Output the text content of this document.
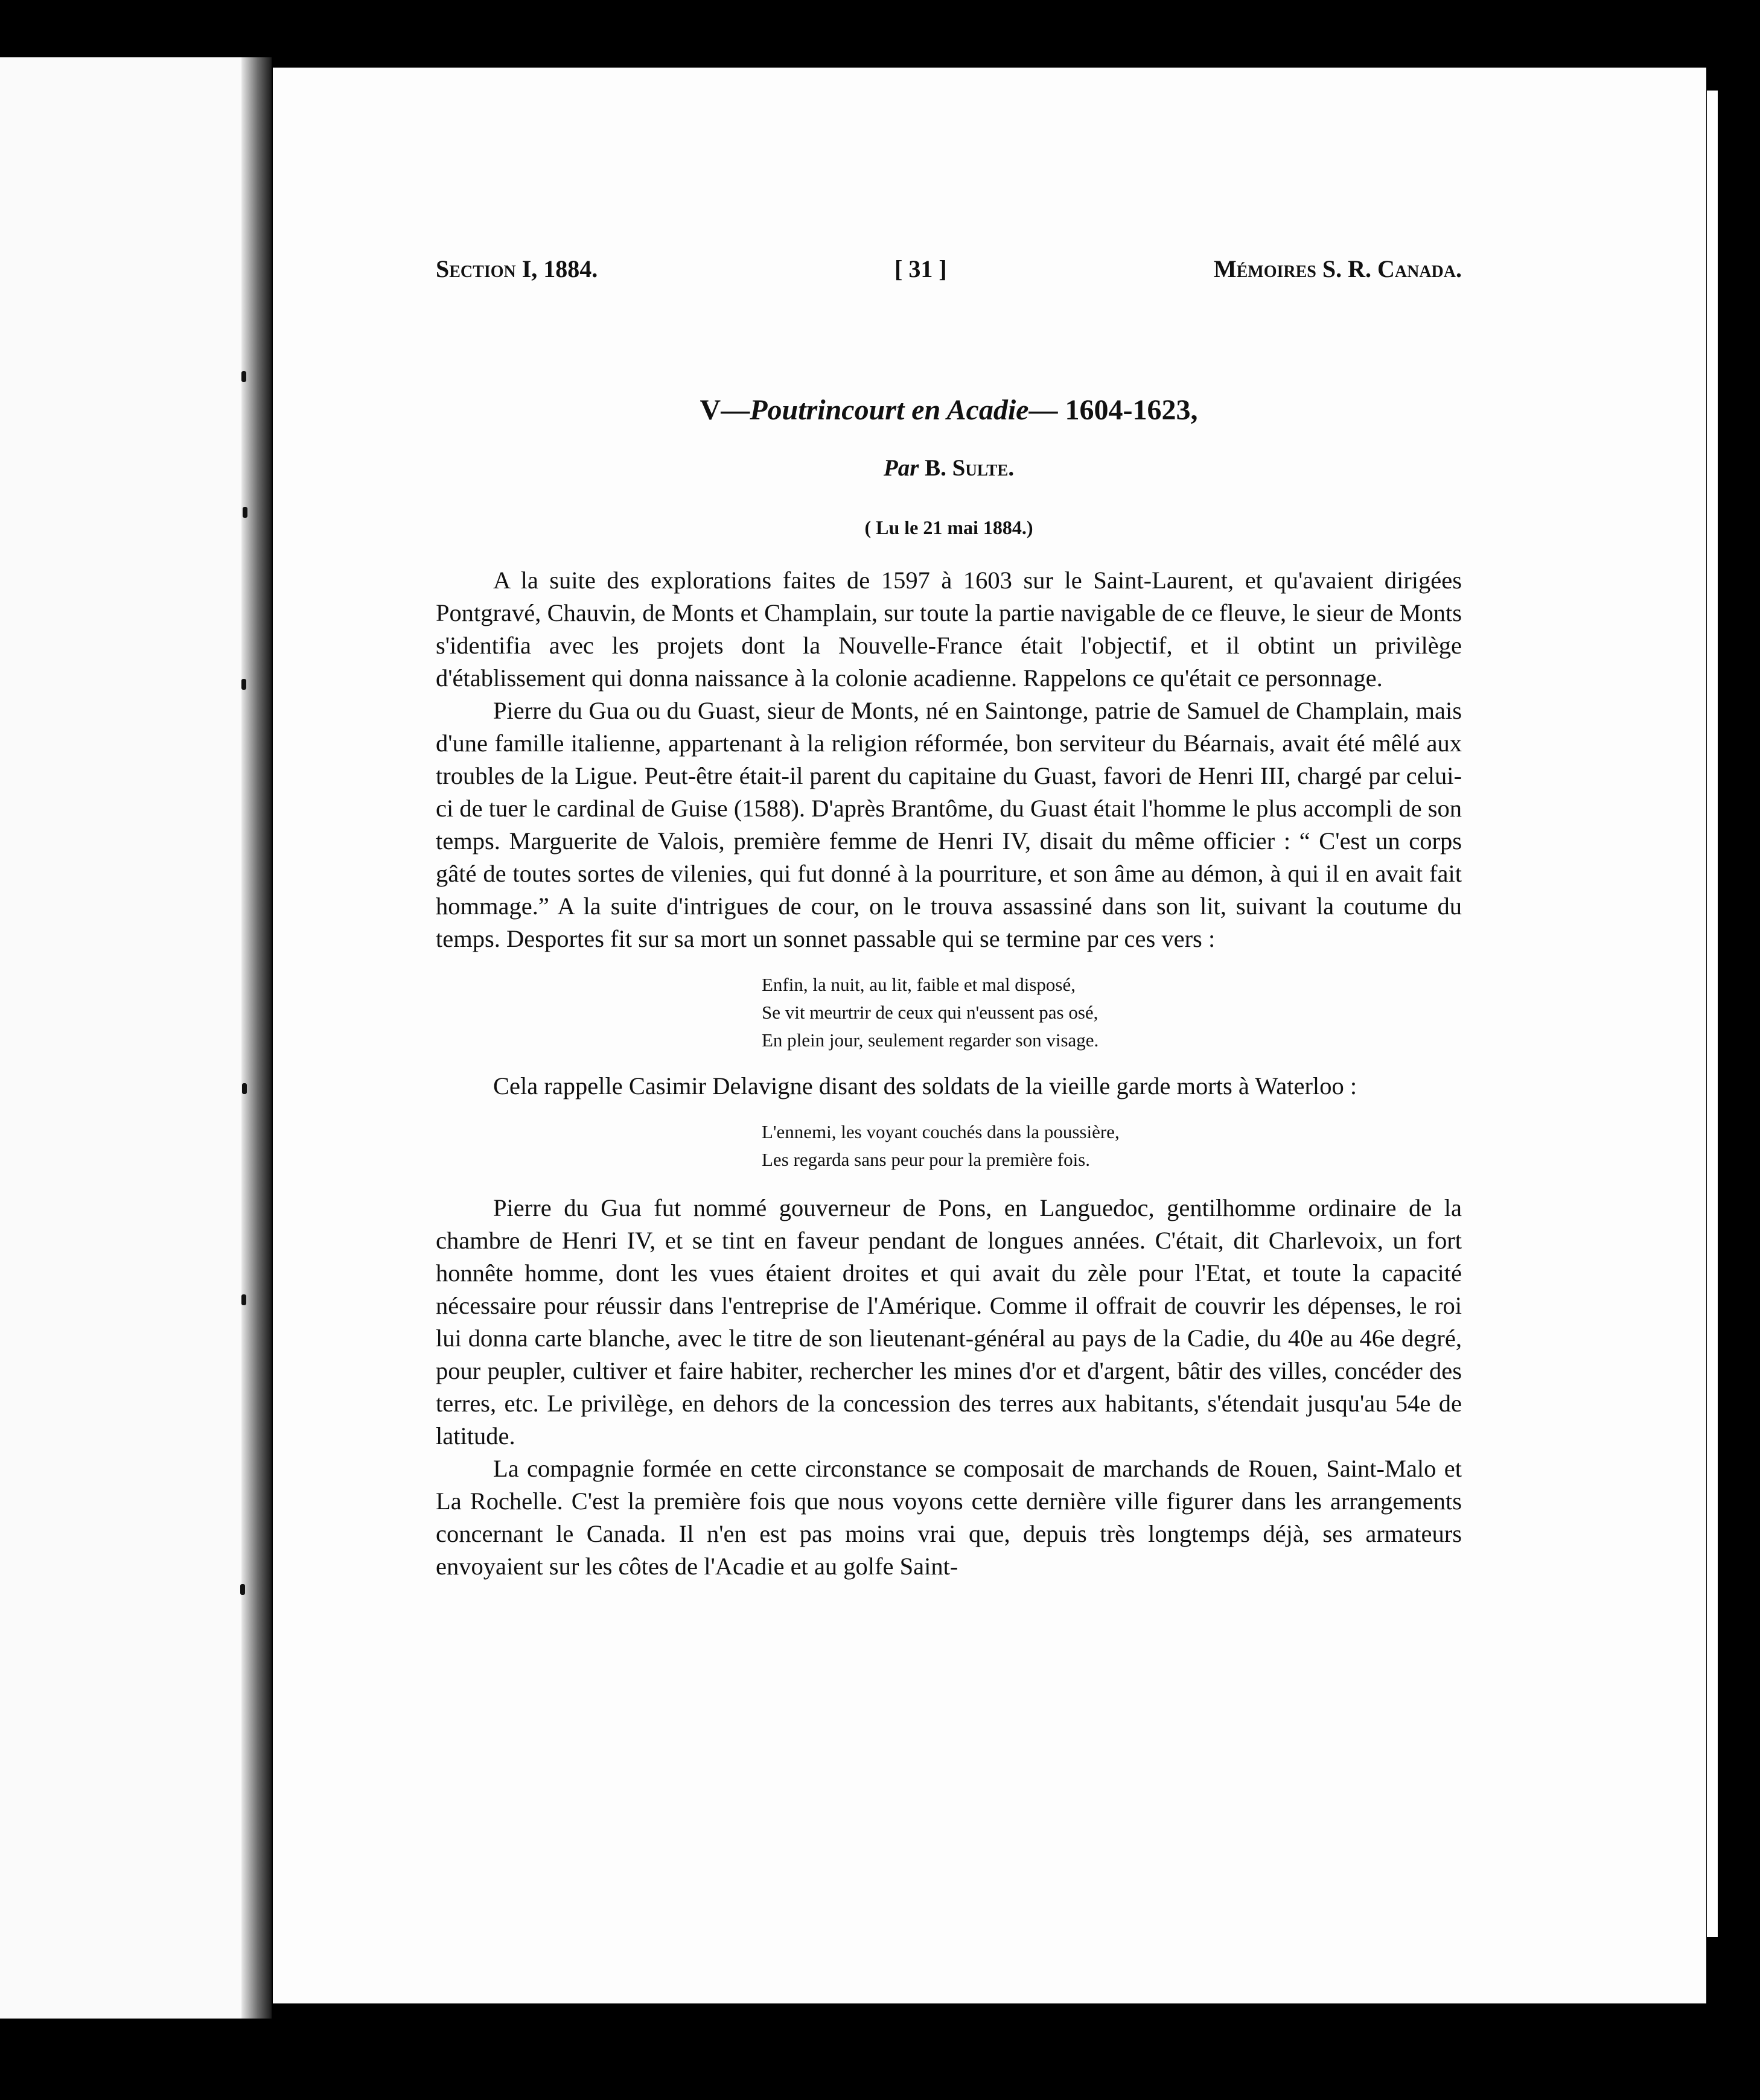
Section I, 1884.	[ 31 ]	Mémoires S. R. Canada.
V—Poutrincourt en Acadie— 1604-1623,
Par B. Sulte.
( Lu le 21 mai 1884.)

A la suite des explorations faites de 1597 à 1603 sur le Saint-Laurent, et qu'avaient dirigées Pontgravé, Chauvin, de Monts et Champlain, sur toute la partie navigable de ce fleuve, le sieur de Monts s'identifia avec les projets dont la Nouvelle-France était l'objectif, et il obtint un privilège d'établissement qui donna naissance à la colonie acadienne. Rappelons ce qu'était ce personnage.

Pierre du Gua ou du Guast, sieur de Monts, né en Saintonge, patrie de Samuel de Champlain, mais d'une famille italienne, appartenant à la religion réformée, bon serviteur du Béarnais, avait été mêlé aux troubles de la Ligue. Peut-être était-il parent du capitaine du Guast, favori de Henri III, chargé par celui-ci de tuer le cardinal de Guise (1588). D'après Brantôme, du Guast était l'homme le plus accompli de son temps. Marguerite de Valois, première femme de Henri IV, disait du même officier : “ C'est un corps gâté de toutes sortes de vilenies, qui fut donné à la pourriture, et son âme au démon, à qui il en avait fait hommage.” A la suite d'intrigues de cour, on le trouva assassiné dans son lit, suivant la coutume du temps. Desportes fit sur sa mort un sonnet passable qui se termine par ces vers :

Enfin, la nuit, au lit, faible et mal disposé,
Se vit meurtrir de ceux qui n'eussent pas osé,
En plein jour, seulement regarder son visage.

Cela rappelle Casimir Delavigne disant des soldats de la vieille garde morts à Waterloo :

L'ennemi, les voyant couchés dans la poussière,
Les regarda sans peur pour la première fois.

Pierre du Gua fut nommé gouverneur de Pons, en Languedoc, gentilhomme ordinaire de la chambre de Henri IV, et se tint en faveur pendant de longues années. C'était, dit Charlevoix, un fort honnête homme, dont les vues étaient droites et qui avait du zèle pour l'Etat, et toute la capacité nécessaire pour réussir dans l'entreprise de l'Amérique. Comme il offrait de couvrir les dépenses, le roi lui donna carte blanche, avec le titre de son lieutenant-général au pays de la Cadie, du 40e au 46e degré, pour peupler, cultiver et faire habiter, rechercher les mines d'or et d'argent, bâtir des villes, concéder des terres, etc. Le privilège, en dehors de la concession des terres aux habitants, s'étendait jusqu'au 54e de latitude.

La compagnie formée en cette circonstance se composait de marchands de Rouen, Saint-Malo et La Rochelle. C'est la première fois que nous voyons cette dernière ville figurer dans les arrangements concernant le Canada. Il n'en est pas moins vrai que, depuis très longtemps déjà, ses armateurs envoyaient sur les côtes de l'Acadie et au golfe Saint-
